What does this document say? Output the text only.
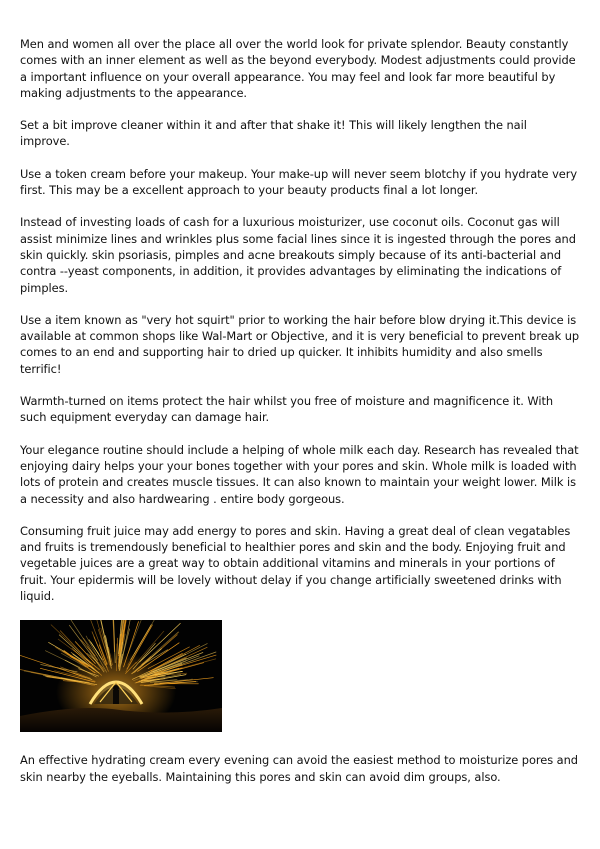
Men and women all over the place all over the world look for private splendor. Beauty constantly comes with an inner element as well as the beyond everybody. Modest adjustments could provide a important influence on your overall appearance. You may feel and look far more beautiful by making adjustments to the appearance.

Set a bit improve cleaner within it and after that shake it! This will likely lengthen the nail improve.

Use a token cream before your makeup. Your make-up will never seem blotchy if you hydrate very first. This may be a excellent approach to your beauty products final a lot longer.

Instead of investing loads of cash for a luxurious moisturizer, use coconut oils. Coconut gas will assist minimize lines and wrinkles plus some facial lines since it is ingested through the pores and skin quickly. skin psoriasis, pimples and acne breakouts simply because of its anti-bacterial and contra --yeast components, in addition, it provides advantages by eliminating the indications of pimples.

Use a item known as "very hot squirt" prior to working the hair before blow drying it.This device is available at common shops like Wal-Mart or Objective, and it is very beneficial to prevent break up comes to an end and supporting hair to dried up quicker. It inhibits humidity and also smells terrific!

Warmth-turned on items protect the hair whilst you free of moisture and magnificence it. With such equipment everyday can damage hair.

Your elegance routine should include a helping of whole milk each day. Research has revealed that enjoying dairy helps your your bones together with your pores and skin. Whole milk is loaded with lots of protein and creates muscle tissues. It can also known to maintain your weight lower. Milk is a necessity and also hardwearing . entire body gorgeous.

Consuming fruit juice may add energy to pores and skin. Having a great deal of clean vegatables and fruits is tremendously beneficial to healthier pores and skin and the body. Enjoying fruit and vegetable juices are a great way to obtain additional vitamins and minerals in your portions of fruit. Your epidermis will be lovely without delay if you change artificially sweetened drinks with liquid.

An effective hydrating cream every evening can avoid the easiest method to moisturize pores and skin nearby the eyeballs. Maintaining this pores and skin can avoid dim groups, also.
